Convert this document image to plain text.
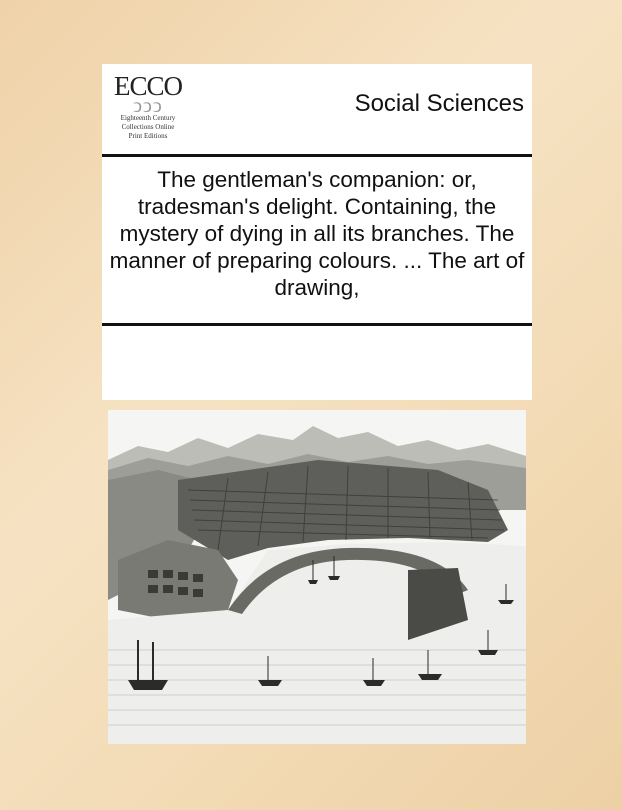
ECCO
ↄↄↄ
Eighteenth Century
Collections Online
Print Editions
Social Sciences
The gentleman's companion: or, tradesman's delight. Containing, the mystery of dying in all its branches. The manner of preparing colours. ... The art of drawing,
